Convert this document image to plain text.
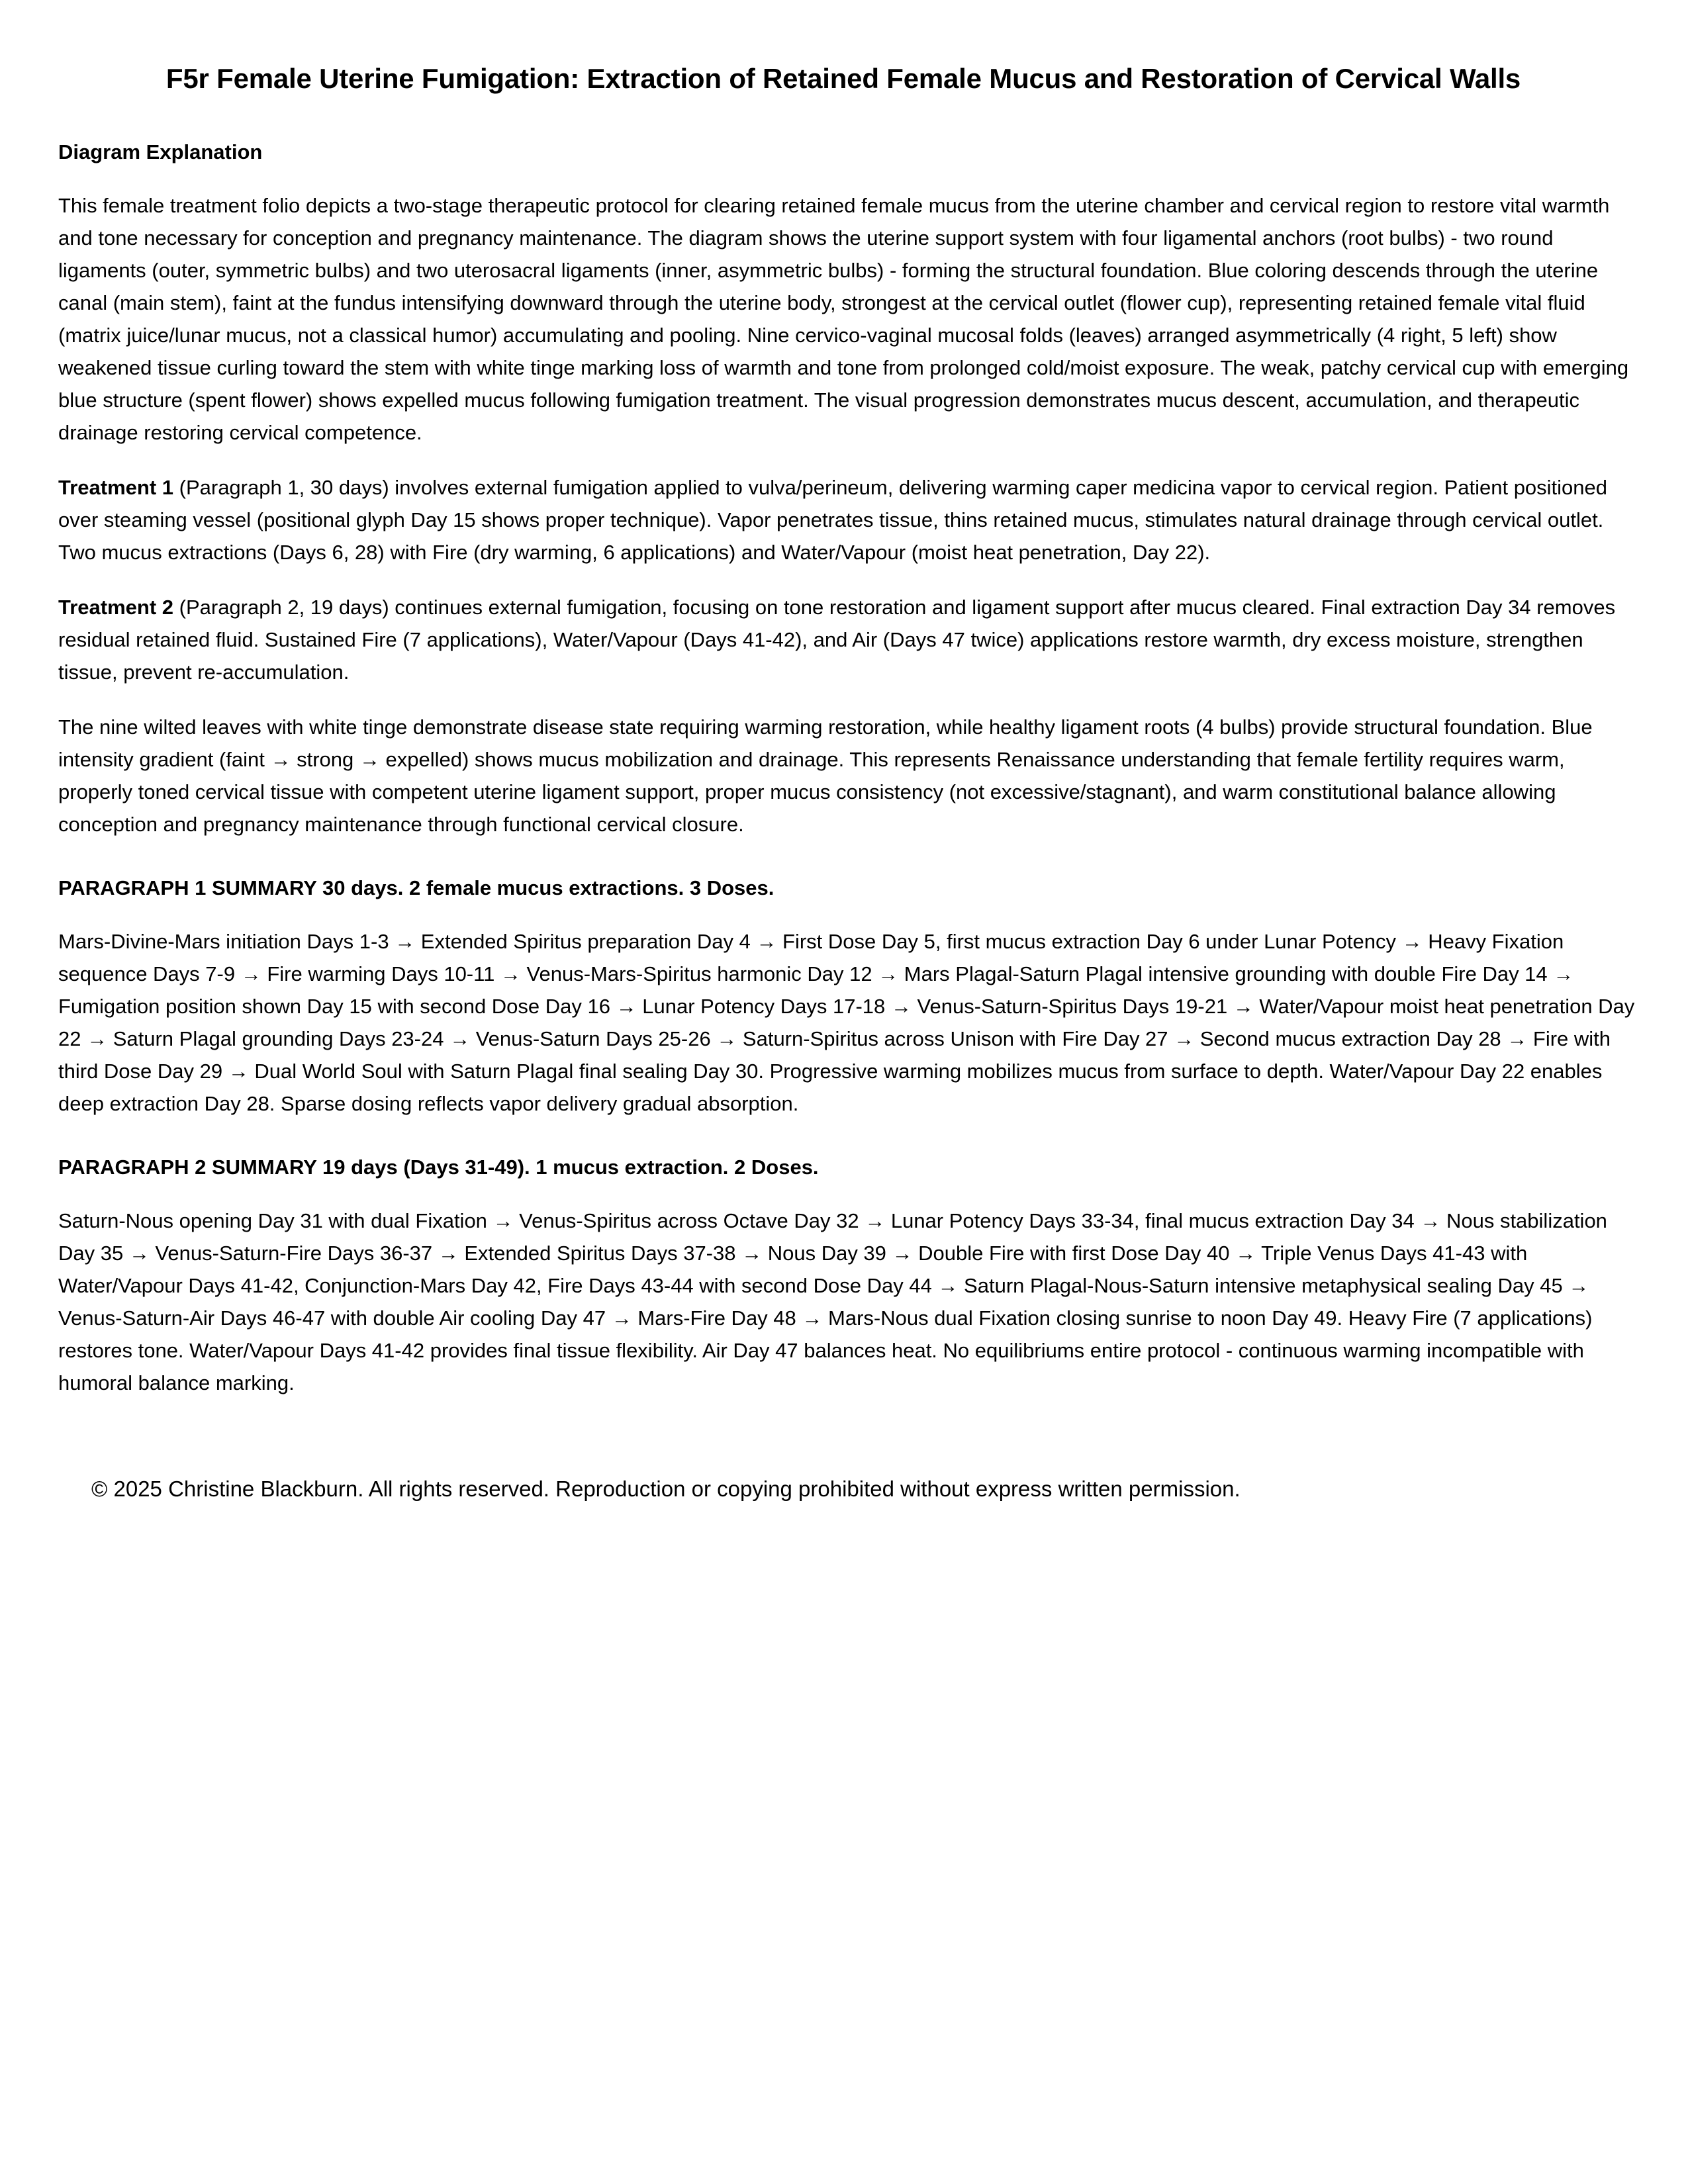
F5r Female Uterine Fumigation: Extraction of Retained Female Mucus and Restoration of Cervical Walls
Diagram Explanation

This female treatment folio depicts a two-stage therapeutic protocol for clearing retained female mucus from the uterine chamber and cervical region to restore vital warmth and tone necessary for conception and pregnancy maintenance. The diagram shows the uterine support system with four ligamental anchors (root bulbs) - two round ligaments (outer, symmetric bulbs) and two uterosacral ligaments (inner, asymmetric bulbs) - forming the structural foundation. Blue coloring descends through the uterine canal (main stem), faint at the fundus intensifying downward through the uterine body, strongest at the cervical outlet (flower cup), representing retained female vital fluid (matrix juice/lunar mucus, not a classical humor) accumulating and pooling. Nine cervico-vaginal mucosal folds (leaves) arranged asymmetrically (4 right, 5 left) show weakened tissue curling toward the stem with white tinge marking loss of warmth and tone from prolonged cold/moist exposure. The weak, patchy cervical cup with emerging blue structure (spent flower) shows expelled mucus following fumigation treatment. The visual progression demonstrates mucus descent, accumulation, and therapeutic drainage restoring cervical competence.

Treatment 1 (Paragraph 1, 30 days) involves external fumigation applied to vulva/perineum, delivering warming caper medicina vapor to cervical region. Patient positioned over steaming vessel (positional glyph Day 15 shows proper technique). Vapor penetrates tissue, thins retained mucus, stimulates natural drainage through cervical outlet. Two mucus extractions (Days 6, 28) with Fire (dry warming, 6 applications) and Water/Vapour (moist heat penetration, Day 22).

Treatment 2 (Paragraph 2, 19 days) continues external fumigation, focusing on tone restoration and ligament support after mucus cleared. Final extraction Day 34 removes residual retained fluid. Sustained Fire (7 applications), Water/Vapour (Days 41-42), and Air (Days 47 twice) applications restore warmth, dry excess moisture, strengthen tissue, prevent re-accumulation.

The nine wilted leaves with white tinge demonstrate disease state requiring warming restoration, while healthy ligament roots (4 bulbs) provide structural foundation. Blue intensity gradient (faint → strong → expelled) shows mucus mobilization and drainage. This represents Renaissance understanding that female fertility requires warm, properly toned cervical tissue with competent uterine ligament support, proper mucus consistency (not excessive/stagnant), and warm constitutional balance allowing conception and pregnancy maintenance through functional cervical closure.

PARAGRAPH 1 SUMMARY 30 days. 2 female mucus extractions. 3 Doses.

Mars-Divine-Mars initiation Days 1-3 → Extended Spiritus preparation Day 4 → First Dose Day 5, first mucus extraction Day 6 under Lunar Potency → Heavy Fixation sequence Days 7-9 → Fire warming Days 10-11 → Venus-Mars-Spiritus harmonic Day 12 → Mars Plagal-Saturn Plagal intensive grounding with double Fire Day 14 → Fumigation position shown Day 15 with second Dose Day 16 → Lunar Potency Days 17-18 → Venus-Saturn-Spiritus Days 19-21 → Water/Vapour moist heat penetration Day 22 → Saturn Plagal grounding Days 23-24 → Venus-Saturn Days 25-26 → Saturn-Spiritus across Unison with Fire Day 27 → Second mucus extraction Day 28 → Fire with third Dose Day 29 → Dual World Soul with Saturn Plagal final sealing Day 30. Progressive warming mobilizes mucus from surface to depth. Water/Vapour Day 22 enables deep extraction Day 28. Sparse dosing reflects vapor delivery gradual absorption.

PARAGRAPH 2 SUMMARY 19 days (Days 31-49). 1 mucus extraction. 2 Doses.

Saturn-Nous opening Day 31 with dual Fixation → Venus-Spiritus across Octave Day 32 → Lunar Potency Days 33-34, final mucus extraction Day 34 → Nous stabilization Day 35 → Venus-Saturn-Fire Days 36-37 → Extended Spiritus Days 37-38 → Nous Day 39 → Double Fire with first Dose Day 40 → Triple Venus Days 41-43 with Water/Vapour Days 41-42, Conjunction-Mars Day 42, Fire Days 43-44 with second Dose Day 44 → Saturn Plagal-Nous-Saturn intensive metaphysical sealing Day 45 → Venus-Saturn-Air Days 46-47 with double Air cooling Day 47 → Mars-Fire Day 48 → Mars-Nous dual Fixation closing sunrise to noon Day 49. Heavy Fire (7 applications) restores tone. Water/Vapour Days 41-42 provides final tissue flexibility. Air Day 47 balances heat. No equilibriums entire protocol - continuous warming incompatible with humoral balance marking.

© 2025 Christine Blackburn. All rights reserved. Reproduction or copying prohibited without express written permission.
